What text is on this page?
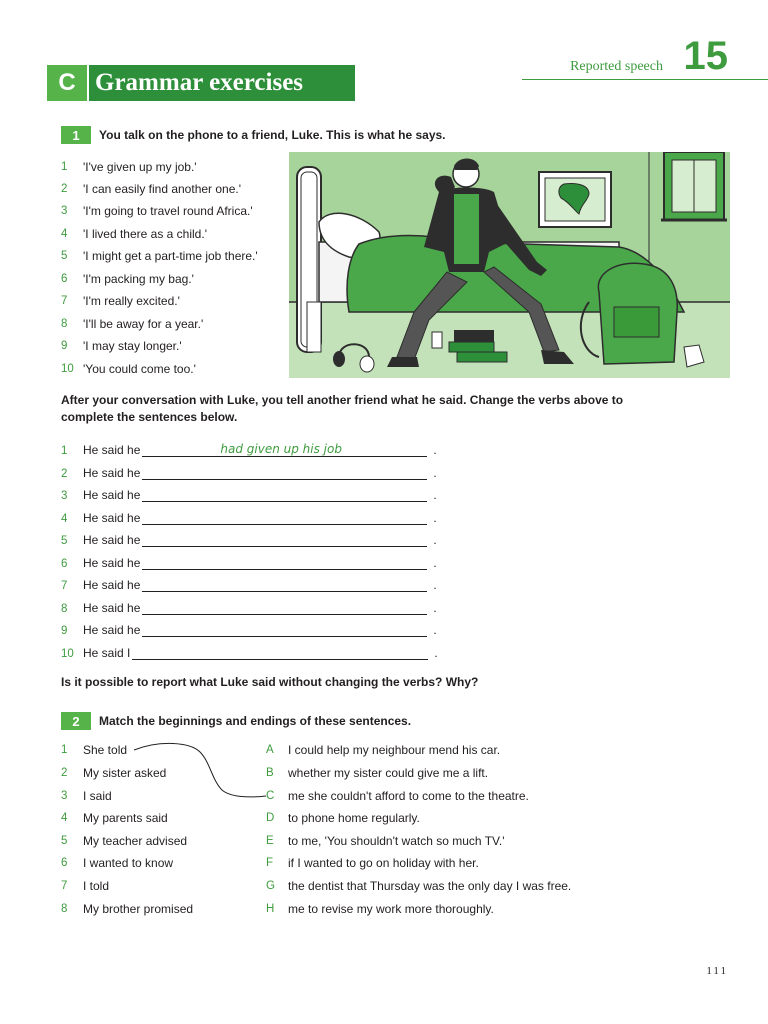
Reported speech 15
C Grammar exercises
1	You talk on the phone to a friend, Luke. This is what he says.
1	'I've given up my job.'
2	'I can easily find another one.'
3	'I'm going to travel round Africa.'
4	'I lived there as a child.'
5	'I might get a part-time job there.'
6	'I'm packing my bag.'
7	'I'm really excited.'
8	'I'll be away for a year.'
9	'I may stay longer.'
10 'You could come too.'
After your conversation with Luke, you tell another friend what he said. Change the verbs above to complete the sentences below.
1	He said he	had given up his job	.
2	He said he	.
3	He said he	.
4	He said he	.
5	He said he	.
6	He said he	.
7	He said he	.
8	He said he	.
9	He said he	.
10 He said I	.
Is it possible to report what Luke said without changing the verbs? Why?
2	Match the beginnings and endings of these sentences.
1	She told
2	My sister asked
3	I said
4	My parents said
5	My teacher advised
6	I wanted to know
7	I told
8	My brother promised
A	I could help my neighbour mend his car.
B	whether my sister could give me a lift.
C	me she couldn't afford to come to the theatre.
D	to phone home regularly.
E	to me, 'You shouldn't watch so much TV.'
F	if I wanted to go on holiday with her.
G	the dentist that Thursday was the only day I was free.
H	me to revise my work more thoroughly.
111
